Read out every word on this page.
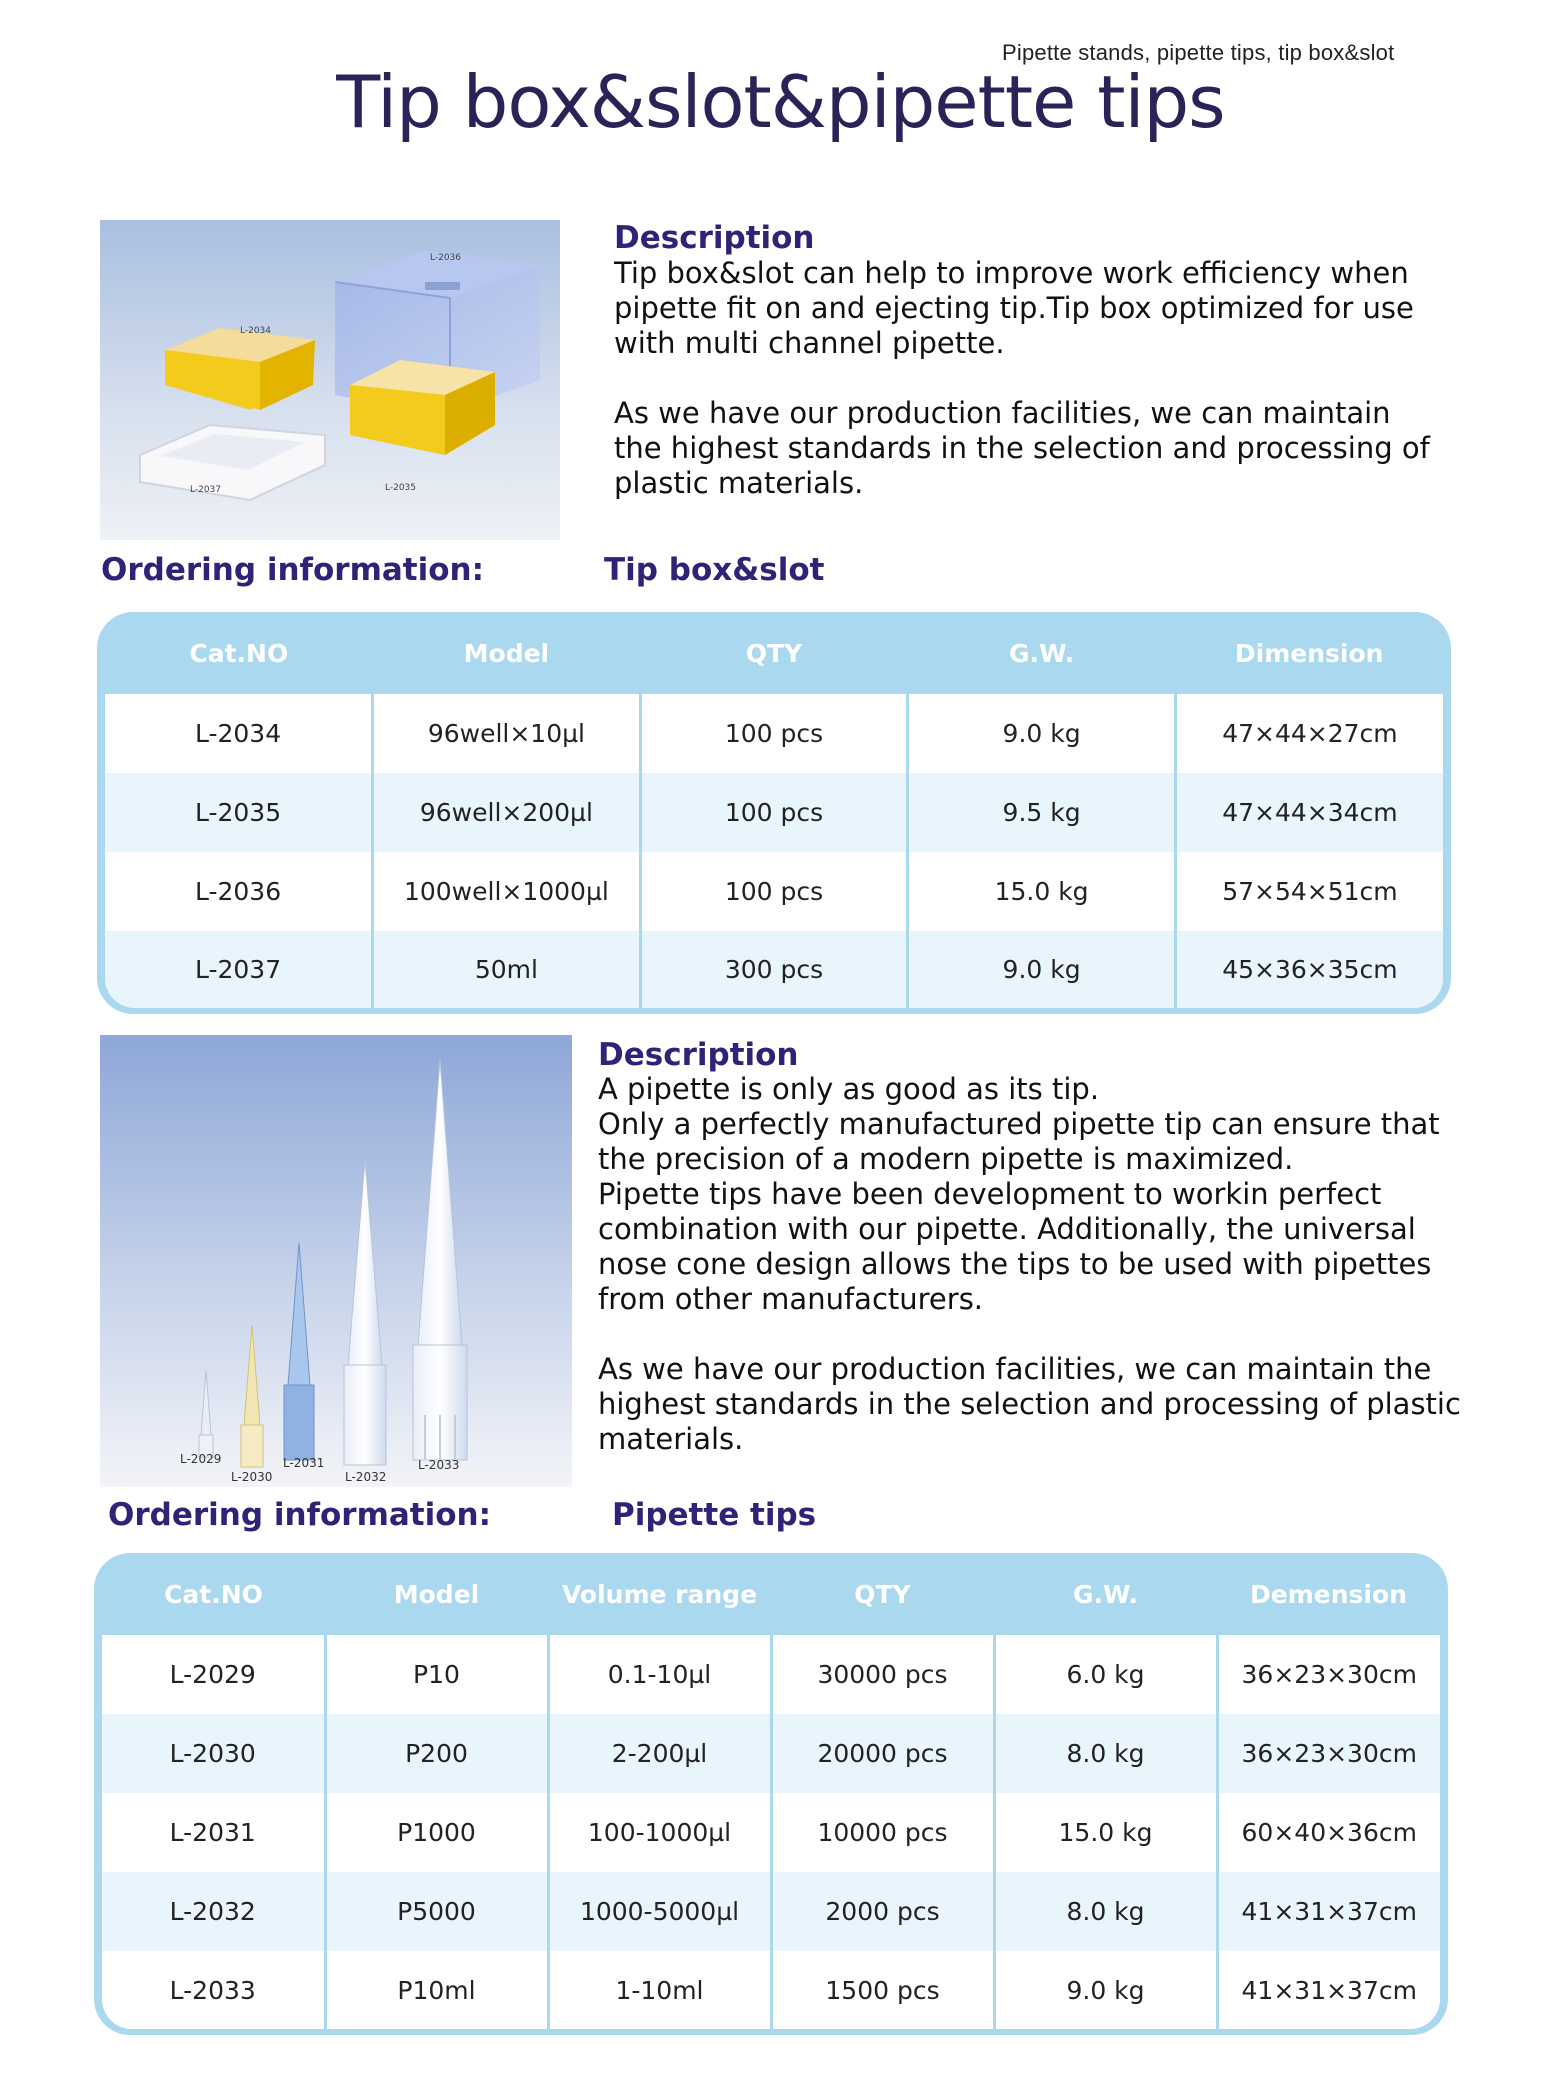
Pipette stands, pipette tips, tip box&slot
Tip box&slot&pipette tips
L-2036
L-2034
L-2035
L-2037
Description

Tip box&slot can help to improve work efficiency when

pipette fit on and ejecting tip.Tip box optimized for use

with multi channel pipette.

As we have our production facilities, we can maintain

the highest standards in the selection and processing of

plastic materials.

Ordering information:	Tip box&slot
Cat.NO	Model	QTY	G.W.	Dimension
L-2034	96well×10µl	100 pcs	9.0 kg	47×44×27cm
L-2035	96well×200µl	100 pcs	9.5 kg	47×44×34cm
L-2036	100well×1000µl	100 pcs	15.0 kg	57×54×51cm
L-2037	50ml	300 pcs	9.0 kg	45×36×35cm
L-2029
L-2030
L-2031
L-2032
L-2033
Description

A pipette is only as good as its tip.

Only a perfectly manufactured pipette tip can ensure that

the precision of a modern pipette is maximized.

Pipette tips have been development to workin perfect

combination with our pipette. Additionally, the universal

nose cone design allows the tips to be used with pipettes

from other manufacturers.

As we have our production facilities, we can maintain the

highest standards in the selection and processing of plastic

materials.

Ordering information:	Pipette tips
Cat.NO	Model	Volume range	QTY	G.W.	Demension
L-2029	P10	0.1-10µl	30000 pcs	6.0 kg	36×23×30cm
L-2030	P200	2-200µl	20000 pcs	8.0 kg	36×23×30cm
L-2031	P1000	100-1000µl	10000 pcs	15.0 kg	60×40×36cm
L-2032	P5000	1000-5000µl	2000 pcs	8.0 kg	41×31×37cm
L-2033	P10ml	1-10ml	1500 pcs	9.0 kg	41×31×37cm
